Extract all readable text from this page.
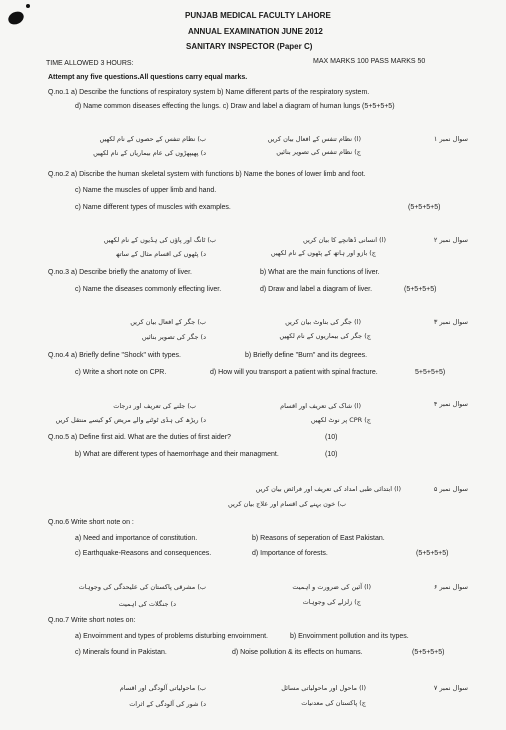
PUNJAB MEDICAL FACULTY LAHORE
ANNUAL EXAMINATION JUNE 2012
SANITARY INSPECTOR (Paper C)
TIME ALLOWED 3 HOURS:	MAX MARKS 100 PASS MARKS 50
Attempt any five questions.All questions carry equal marks.
Q.no.1 a) Describe the functions of respiratory system b) Name different parts of the respiratory system.
d) Name common diseases effecting the lungs. c) Draw and label a diagram of human lungs (5+5+5+5)
سوال نمبر ۱
(ا) نظام تنفس کے افعال بیان کریں
ب) نظام تنفس کے حصوں کے نام لکھیں
ج) نظام تنفس کی تصویر بنائیں
د) پھیپھڑوں کی عام بیماریاں کے نام لکھیں
Q.no.2 a) Discribe the human skeletal system with functions b) Name the bones of lower limb and foot.
c) Name the muscles of upper limb and hand.
c) Name different types of muscles with examples.	(5+5+5+5)
سوال نمبر ۲
(ا) انسانی ڈھانچے کا بیان کریں
ب) ٹانگ اور پاؤں کی ہڈیوں کے نام لکھیں
ج) بازو اور ہاتھ کے پٹھوں کے نام لکھیں
د) پٹھوں کی اقسام مثال کے ساتھ
Q.no.3 a) Describe briefly the anatomy of liver.	b) What are the main functions of liver.
c) Name the diseases commonly effecting liver.	d) Draw and label a diagram of liver.	(5+5+5+5)
سوال نمبر ۳
(ا) جگر کی بناوٹ بیان کریں
ب) جگر کے افعال بیان کریں
ج) جگر کی بیماریوں کے نام لکھیں
د) جگر کی تصویر بنائیں
Q.no.4 a) Briefly define "Shock" with types.	b) Briefly define "Burn" and its degrees.
c) Write a short note on CPR.	d) How will you transport a patient with spinal fracture.	5+5+5+5)
سوال نمبر ۴
(ا) شاک کی تعریف اور اقسام
ب) جلنے کی تعریف اور درجات
ج) CPR پر نوٹ لکھیں
د) ریڑھ کی ہڈی ٹوٹنے والے مریض کو کیسے منتقل کریں
Q.no.5 a) Define first aid. What are the duties of first aider?	(10)
b) What are different types of haemorrhage and their managment.	(10)
سوال نمبر ۵
(ا) ابتدائی طبی امداد کی تعریف اور فرائض بیان کریں
ب) خون بہنے کی اقسام اور علاج بیان کریں
Q.no.6 Write short note on :
a) Need and importance of constitution.	b) Reasons of seperation of East Pakistan.
c) Earthquake-Reasons and consequences.	d) Importance of forests.	(5+5+5+5)
سوال نمبر ۶
(ا) آئین کی ضرورت و اہمیت
ب) مشرقی پاکستان کی علیحدگی کی وجوہات
ج) زلزلے کی وجوہات
د) جنگلات کی اہمیت
Q.no.7 Write short notes on:
a) Envoirnment and types of problems disturbing envoirnment.	b) Envoirnment pollution and its types.
c) Minerals found in Pakistan.	d) Noise pollution & its effects on humans.	(5+5+5+5)
سوال نمبر ۷
(ا) ماحول اور ماحولیاتی مسائل
ب) ماحولیاتی آلودگی اور اقسام
ج) پاکستان کی معدنیات
د) شور کی آلودگی کے اثرات
